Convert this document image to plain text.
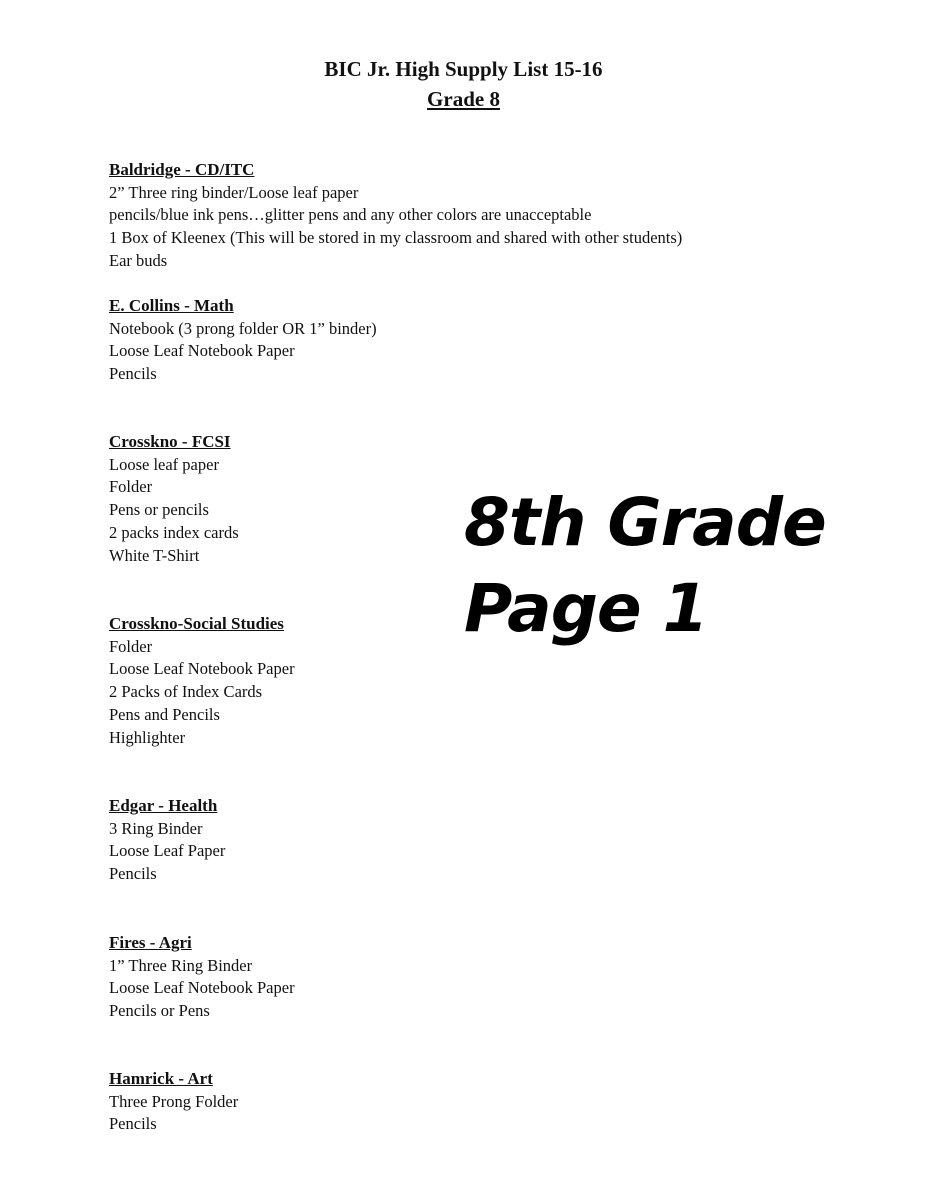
BIC Jr. High Supply List 15-16
Grade 8
Baldridge - CD/ITC
2” Three ring binder/Loose leaf paper
pencils/blue ink pens…glitter pens and any other colors are unacceptable
1 Box of Kleenex (This will be stored in my classroom and shared with other students)
Ear buds
E. Collins - Math
Notebook (3 prong folder OR 1” binder)
Loose Leaf Notebook Paper
Pencils
Crosskno - FCSI
Loose leaf paper
Folder
Pens or pencils
2 packs index cards
White T-Shirt
Crosskno-Social Studies
Folder
Loose Leaf Notebook Paper
2 Packs of Index Cards
Pens and Pencils
Highlighter
Edgar - Health
3 Ring Binder
Loose Leaf Paper
Pencils
Fires - Agri
1” Three Ring Binder
Loose Leaf Notebook Paper
Pencils or Pens
Hamrick - Art
Three Prong Folder
Pencils
8th Grade
Page 1
